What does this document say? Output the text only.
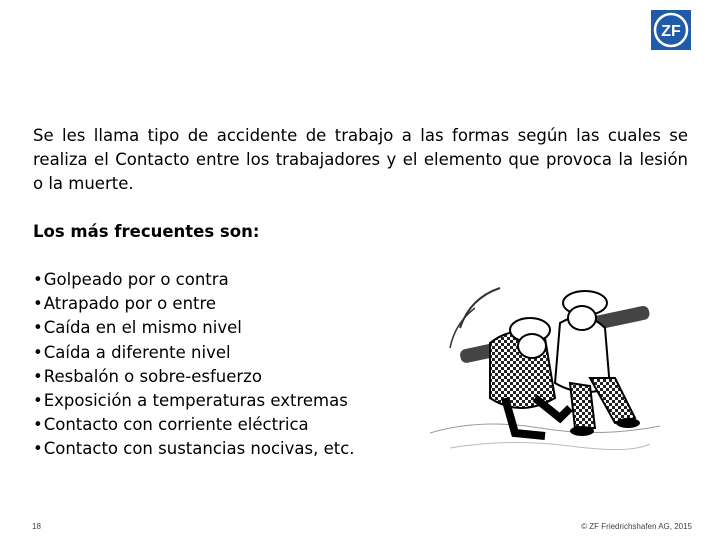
ZF

Se les llama tipo de accidente de trabajo a las formas según las cuales se realiza el Contacto entre los trabajadores y el elemento que provoca la lesión o la muerte.

Los más frecuentes son:

• Golpeado por o contra
• Atrapado por o entre
• Caída en el mismo nivel
• Caída a diferente nivel
• Resbalón o sobre-esfuerzo
• Exposición a temperaturas extremas
• Contacto con corriente eléctrica
• Contacto con sustancias nocivas, etc.
18	© ZF Friedrichshafen AG, 2015
